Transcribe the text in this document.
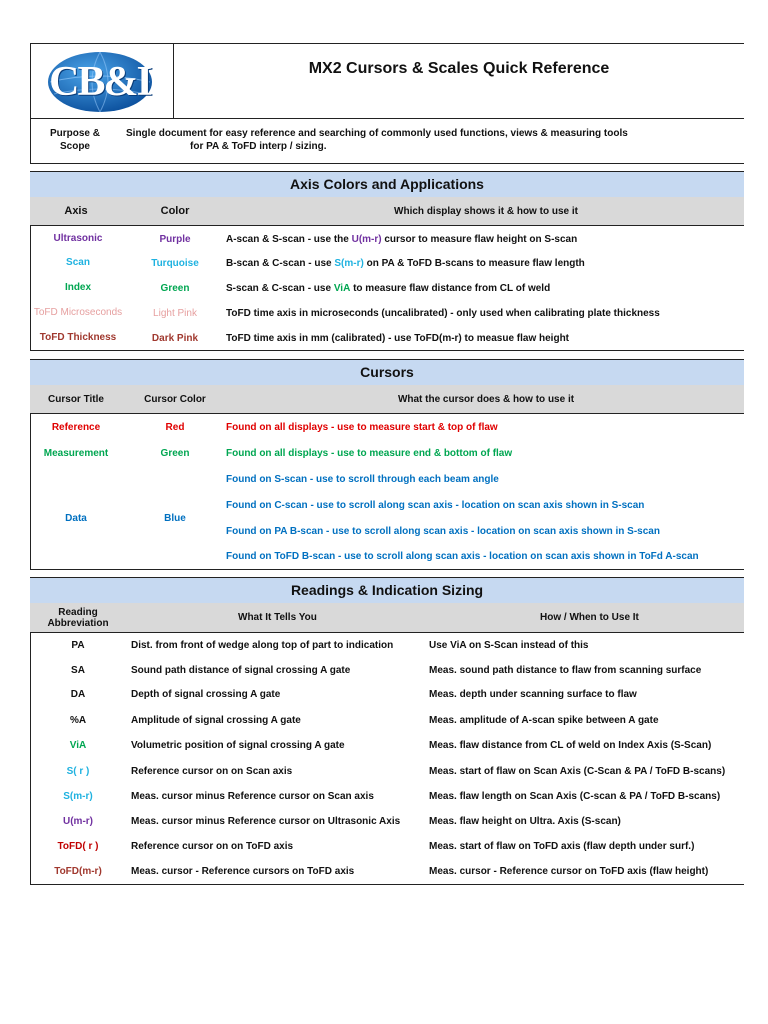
CB&I	MX2 Cursors & Scales Quick Reference
Purpose &
Scope
Single document for easy reference and searching of commonly used functions, views & measuring tools
for PA & ToFD interp / sizing.
Axis Colors and Applications
Axis	Color	Which display shows it & how to use it
Ultrasonic	Purple	A-scan & S-scan - use the U(m-r) cursor to measure flaw height on S-scan
Scan	Turquoise	B-scan & C-scan - use S(m-r) on PA & ToFD B-scans to measure flaw length
Index	Green	S-scan & C-scan - use ViA to measure flaw distance from CL of weld
ToFD Microseconds	Light Pink	ToFD time axis in microseconds (uncalibrated) - only used when calibrating plate thickness
ToFD Thickness	Dark Pink	ToFD time axis in mm (calibrated) - use ToFD(m-r) to measue flaw height
Cursors
Cursor Title	Cursor Color	What the cursor does & how to use it
Reference	Red	Found on all displays - use to measure start & top of flaw
Measurement	Green	Found on all displays - use to measure end & bottom of flaw
Data	Blue
Found on S-scan - use to scroll through each beam angle
Found on C-scan - use to scroll along scan axis - location on scan axis shown in S-scan
Found on PA B-scan - use to scroll along scan axis - location on scan axis shown in S-scan
Found on ToFD B-scan - use to scroll along scan axis - location on scan axis shown in ToFd A-scan
Readings & Indication Sizing
Reading Abbreviation	What It Tells You	How / When to Use It
PA	Dist. from front of wedge along top of part to indication	Use ViA on S-Scan instead of this
SA	Sound path distance of signal crossing A gate	Meas. sound path distance to flaw from scanning surface
DA	Depth of signal crossing A gate	Meas. depth under scanning surface to flaw
%A	Amplitude of signal crossing A gate	Meas. amplitude of A-scan spike between A gate
ViA	Volumetric position of signal crossing A gate	Meas. flaw distance from CL of weld on Index Axis (S-Scan)
S( r )	Reference cursor on on Scan axis	Meas. start of flaw on Scan Axis (C-Scan & PA / ToFD B-scans)
S(m-r)	Meas. cursor minus Reference cursor on Scan axis	Meas. flaw length on Scan Axis (C-scan & PA / ToFD B-scans)
U(m-r)	Meas. cursor minus Reference cursor on Ultrasonic Axis	Meas. flaw height on Ultra. Axis (S-scan)
ToFD( r )	Reference cursor on on ToFD axis	Meas. start of flaw on ToFD axis (flaw depth under surf.)
ToFD(m-r)	Meas. cursor - Reference cursors on ToFD axis	Meas. cursor - Reference cursor on ToFD axis (flaw height)
